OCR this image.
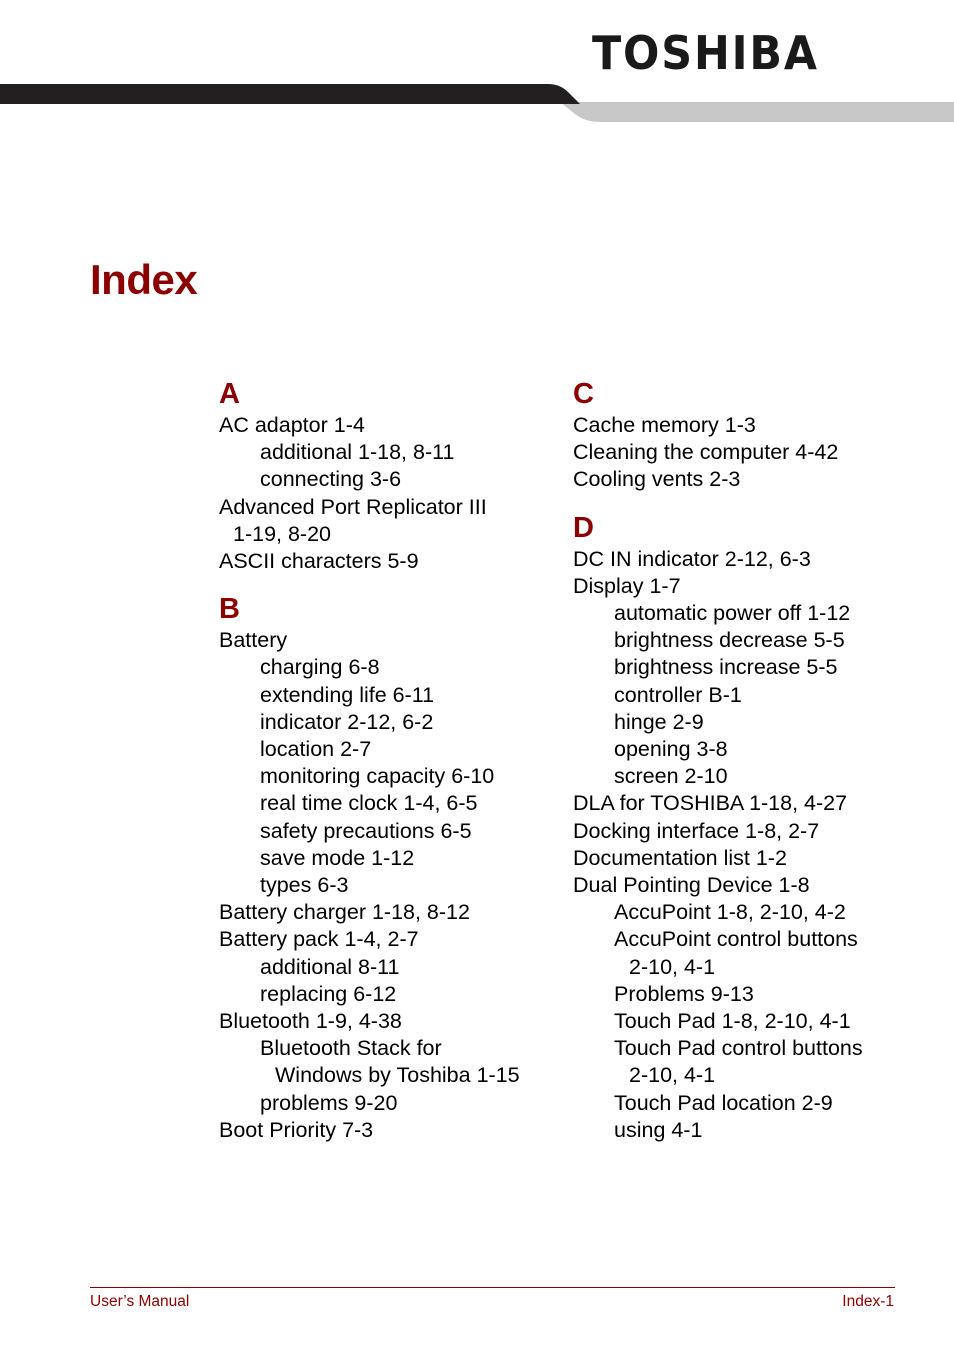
TOSHIBA
Index
A
AC adaptor 1-4
additional 1-18, 8-11
connecting 3-6
Advanced Port Replicator III
1-19, 8-20
ASCII characters 5-9
B
Battery
charging 6-8
extending life 6-11
indicator 2-12, 6-2
location 2-7
monitoring capacity 6-10
real time clock 1-4, 6-5
safety precautions 6-5
save mode 1-12
types 6-3
Battery charger 1-18, 8-12
Battery pack 1-4, 2-7
additional 8-11
replacing 6-12
Bluetooth 1-9, 4-38
Bluetooth Stack for
Windows by Toshiba 1-15
problems 9-20
Boot Priority 7-3
C
Cache memory 1-3
Cleaning the computer 4-42
Cooling vents 2-3
D
DC IN indicator 2-12, 6-3
Display 1-7
automatic power off 1-12
brightness decrease 5-5
brightness increase 5-5
controller B-1
hinge 2-9
opening 3-8
screen 2-10
DLA for TOSHIBA 1-18, 4-27
Docking interface 1-8, 2-7
Documentation list 1-2
Dual Pointing Device 1-8
AccuPoint 1-8, 2-10, 4-2
AccuPoint control buttons
2-10, 4-1
Problems 9-13
Touch Pad 1-8, 2-10, 4-1
Touch Pad control buttons
2-10, 4-1
Touch Pad location 2-9
using 4-1
User’s Manual	Index-1
